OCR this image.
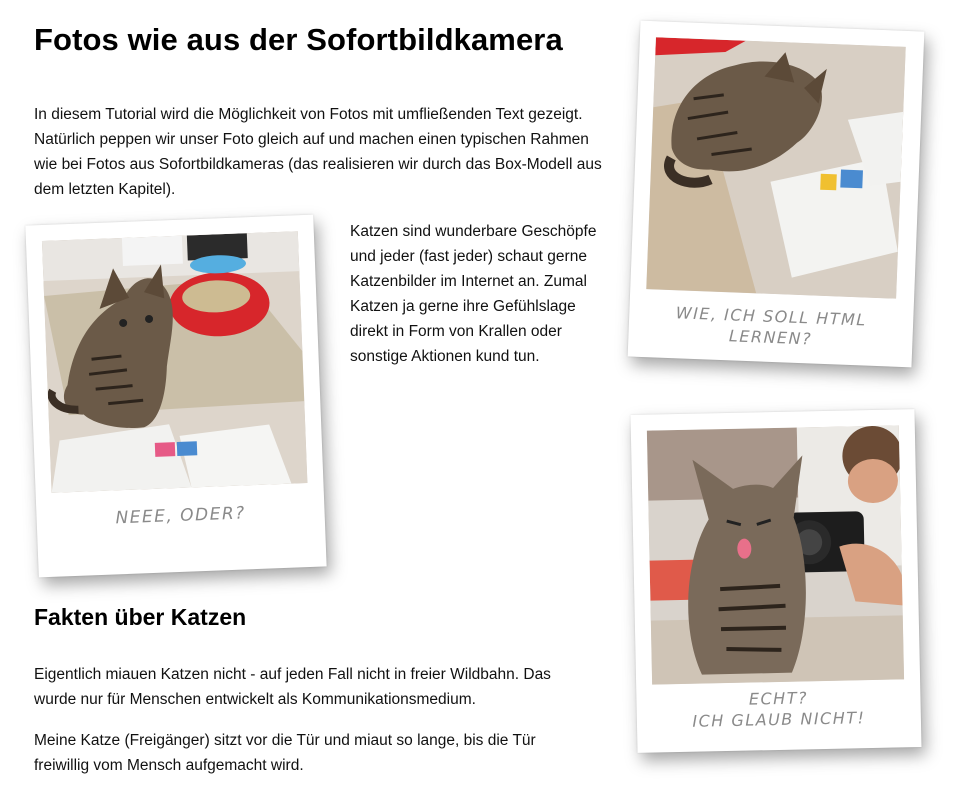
Fotos wie aus der Sofortbildkamera

In diesem Tutorial wird die Möglichkeit von Fotos mit umfließenden Text gezeigt. Natürlich peppen wir unser Foto gleich auf und machen einen typischen Rahmen wie bei Fotos aus Sofortbildkameras (das realisieren wir durch das Box-Modell aus dem letzten Kapitel).

NEEE, ODER?

Katzen sind wunderbare Geschöpfe und jeder (fast jeder) schaut gerne Katzenbilder im Internet an. Zumal Katzen ja gerne ihre Gefühlslage direkt in Form von Krallen oder sonstige Aktionen kund tun.

WIE, ICH SOLL HTML
LERNEN?
ECHT?
ICH GLAUB NICHT!
Fakten über Katzen

Eigentlich miauen Katzen nicht - auf jeden Fall nicht in freier Wildbahn. Das wurde nur für Menschen entwickelt als Kommunikationsmedium.

Meine Katze (Freigänger) sitzt vor die Tür und miaut so lange, bis die Tür freiwillig vom Mensch aufgemacht wird.
